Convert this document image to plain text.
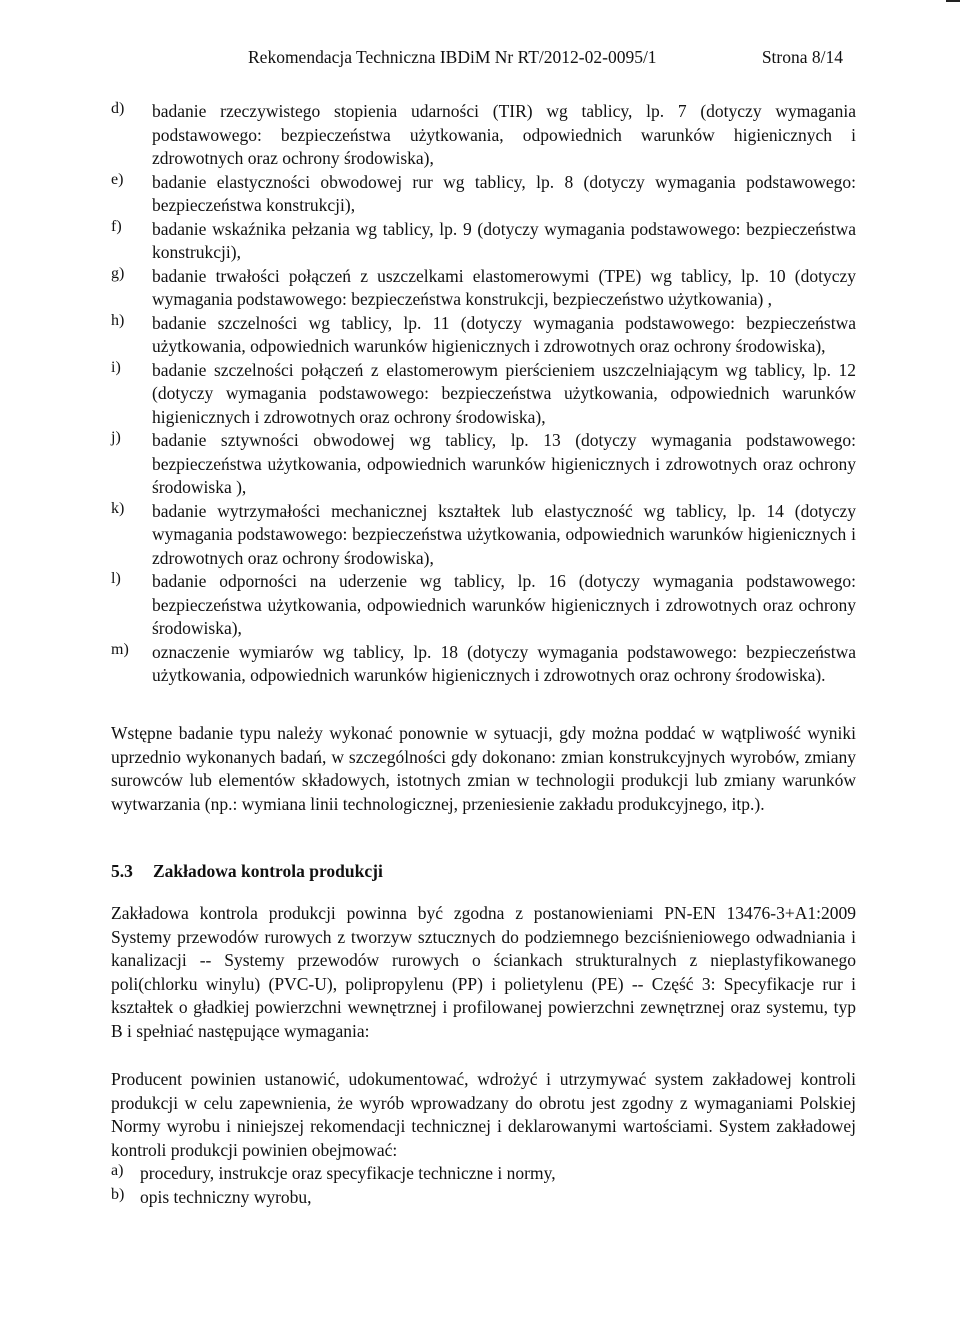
Rekomendacja Techniczna IBDiM Nr RT/2012-02-0095/1	Strona 8/14
d)	badanie rzeczywistego stopienia udarności (TIR) wg tablicy, lp. 7 (dotyczy wymagania podstawowego: bezpieczeństwa użytkowania, odpowiednich warunków higienicznych i zdrowotnych oraz ochrony środowiska),
e)	badanie elastyczności obwodowej rur wg tablicy, lp. 8 (dotyczy wymagania podstawowego: bezpieczeństwa konstrukcji),
f)	badanie wskaźnika pełzania wg tablicy, lp. 9 (dotyczy wymagania podstawowego: bezpieczeństwa konstrukcji),
g)	badanie trwałości połączeń z uszczelkami elastomerowymi (TPE) wg tablicy, lp. 10 (dotyczy wymagania podstawowego: bezpieczeństwa konstrukcji, bezpieczeństwo użytkowania) ,
h)	badanie szczelności wg tablicy, lp. 11 (dotyczy wymagania podstawowego: bezpieczeństwa użytkowania, odpowiednich warunków higienicznych i zdrowotnych oraz ochrony środowiska),
i)	badanie szczelności połączeń z elastomerowym pierścieniem uszczelniającym wg tablicy, lp. 12 (dotyczy wymagania podstawowego: bezpieczeństwa użytkowania, odpowiednich warunków higienicznych i zdrowotnych oraz ochrony środowiska),
j)	badanie sztywności obwodowej wg tablicy, lp. 13 (dotyczy wymagania podstawowego: bezpieczeństwa użytkowania, odpowiednich warunków higienicznych i zdrowotnych oraz ochrony środowiska ),
k)	badanie wytrzymałości mechanicznej kształtek lub elastyczność wg tablicy, lp. 14 (dotyczy wymagania podstawowego: bezpieczeństwa użytkowania, odpowiednich warunków higienicznych i zdrowotnych oraz ochrony środowiska),
l)	badanie odporności na uderzenie wg tablicy, lp. 16 (dotyczy wymagania podstawowego: bezpieczeństwa użytkowania, odpowiednich warunków higienicznych i zdrowotnych oraz ochrony środowiska),
m)	oznaczenie wymiarów wg tablicy, lp. 18 (dotyczy wymagania podstawowego: bezpieczeństwa użytkowania, odpowiednich warunków higienicznych i zdrowotnych oraz ochrony środowiska).

Wstępne badanie typu należy wykonać ponownie w sytuacji, gdy można poddać w wątpliwość wyniki uprzednio wykonanych badań, w szczególności gdy dokonano: zmian konstrukcyjnych wyrobów, zmiany surowców lub elementów składowych, istotnych zmian w technologii produkcji lub zmiany warunków wytwarzania (np.: wymiana linii technologicznej, przeniesienie zakładu produkcyjnego, itp.).

5.3 Zakładowa kontrola produkcji

Zakładowa kontrola produkcji powinna być zgodna z postanowieniami PN-EN 13476-3+A1:2009 Systemy przewodów rurowych z tworzyw sztucznych do podziemnego bezciśnieniowego odwadniania i kanalizacji -- Systemy przewodów rurowych o ściankach strukturalnych z nieplastyfikowanego poli(chlorku winylu) (PVC-U), polipropylenu (PP) i polietylenu (PE) -- Część 3: Specyfikacje rur i kształtek o gładkiej powierzchni wewnętrznej i profilowanej powierzchni zewnętrznej oraz systemu, typ B i spełniać następujące wymagania:

Producent powinien ustanowić, udokumentować, wdrożyć i utrzymywać system zakładowej kontroli produkcji w celu zapewnienia, że wyrób wprowadzany do obrotu jest zgodny z wymaganiami Polskiej Normy wyrobu i niniejszej rekomendacji technicznej i deklarowanymi wartościami. System zakładowej kontroli produkcji powinien obejmować:

a) procedury, instrukcje oraz specyfikacje techniczne i normy,
b) opis techniczny wyrobu,
